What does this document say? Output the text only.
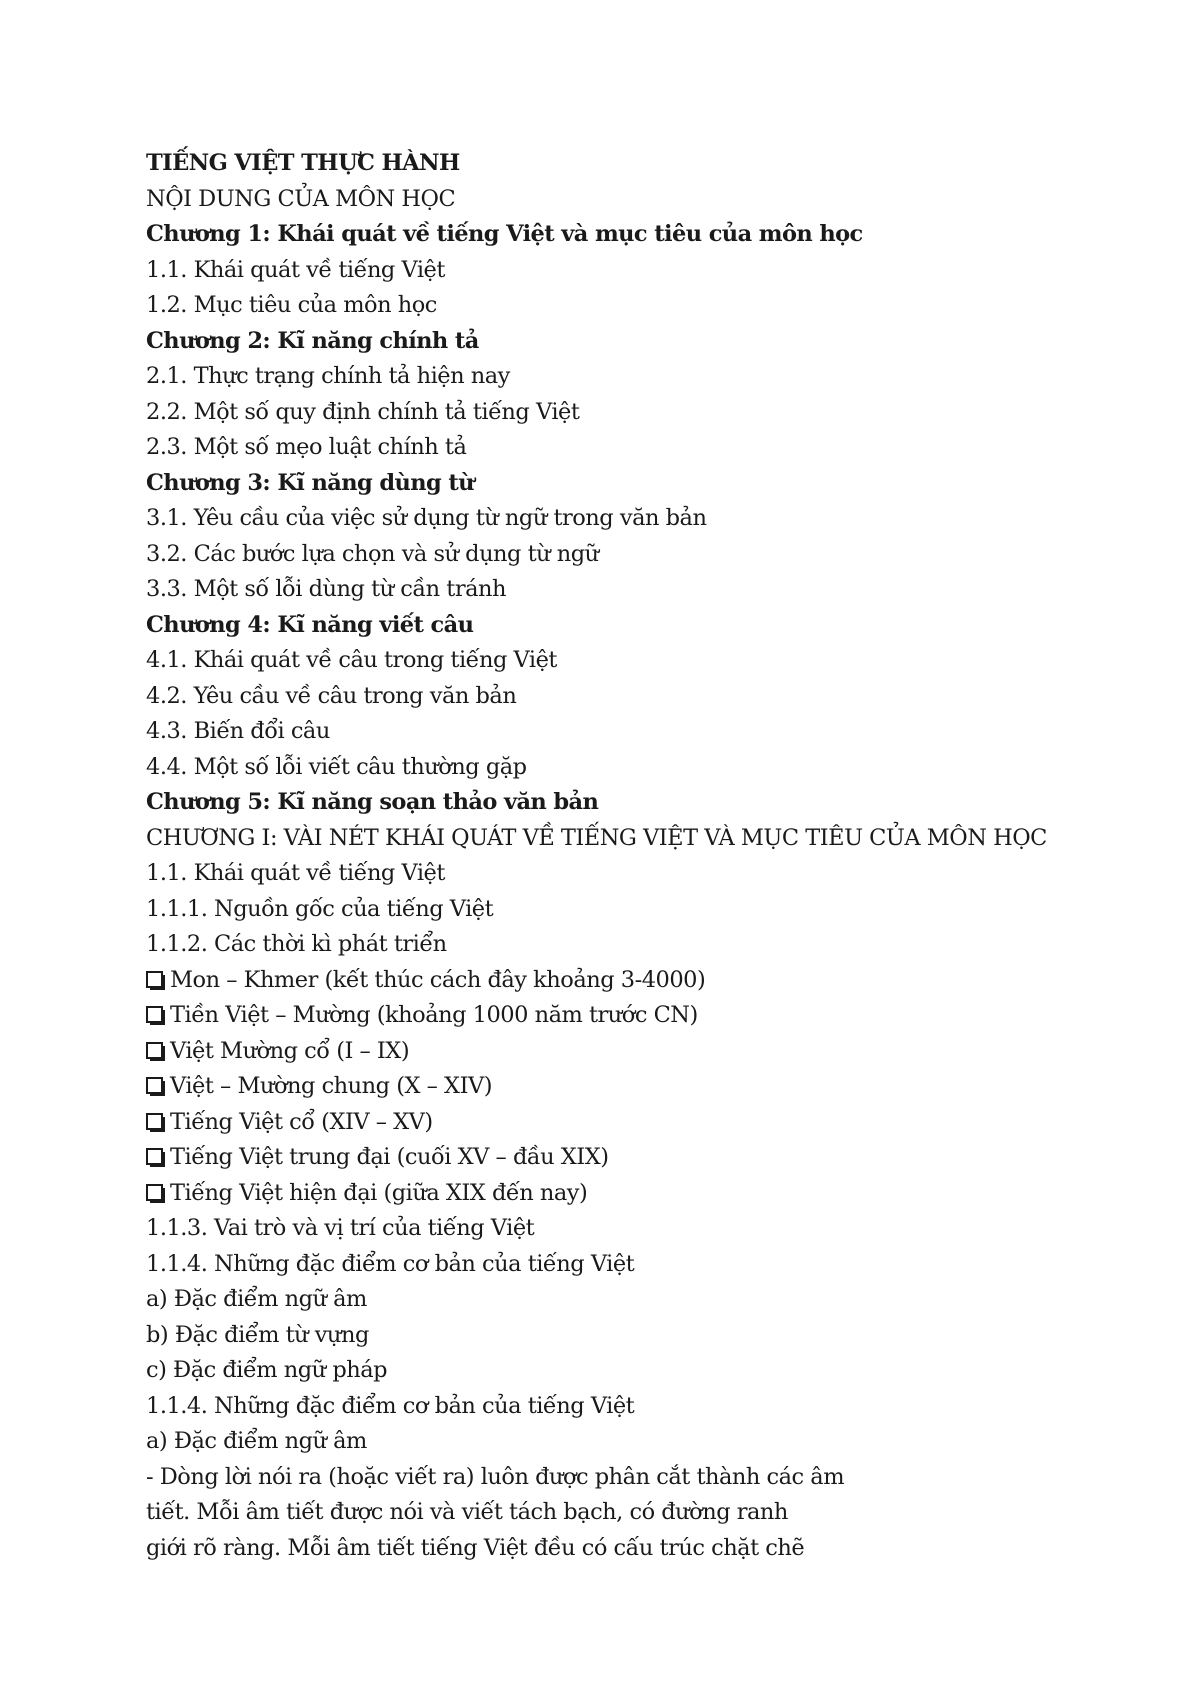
TIẾNG VIỆT THỰC HÀNH
NỘI DUNG CỦA MÔN HỌC
Chương 1: Khái quát về tiếng Việt và mục tiêu của môn học
1.1. Khái quát về tiếng Việt
1.2. Mục tiêu của môn học
Chương 2: Kĩ năng chính tả
2.1. Thực trạng chính tả hiện nay
2.2. Một số quy định chính tả tiếng Việt
2.3. Một số mẹo luật chính tả
Chương 3: Kĩ năng dùng từ
3.1. Yêu cầu của việc sử dụng từ ngữ trong văn bản
3.2. Các bước lựa chọn và sử dụng từ ngữ
3.3. Một số lỗi dùng từ cần tránh
Chương 4: Kĩ năng viết câu
4.1. Khái quát về câu trong tiếng Việt
4.2. Yêu cầu về câu trong văn bản
4.3. Biến đổi câu
4.4. Một số lỗi viết câu thường gặp
Chương 5: Kĩ năng soạn thảo văn bản
CHƯƠNG I: VÀI NÉT KHÁI QUÁT VỀ TIẾNG VIỆT VÀ MỤC TIÊU CỦA MÔN HỌC
1.1. Khái quát về tiếng Việt
1.1.1. Nguồn gốc của tiếng Việt
1.1.2. Các thời kì phát triển
Mon – Khmer (kết thúc cách đây khoảng 3-4000)
Tiền Việt – Mường (khoảng 1000 năm trước CN)
Việt Mường cổ (I – IX)
Việt – Mường chung (X – XIV)
Tiếng Việt cổ (XIV – XV)
Tiếng Việt trung đại (cuối XV – đầu XIX)
Tiếng Việt hiện đại (giữa XIX đến nay)
1.1.3. Vai trò và vị trí của tiếng Việt
1.1.4. Những đặc điểm cơ bản của tiếng Việt
a) Đặc điểm ngữ âm
b) Đặc điểm từ vựng
c) Đặc điểm ngữ pháp
1.1.4. Những đặc điểm cơ bản của tiếng Việt
a) Đặc điểm ngữ âm
- Dòng lời nói ra (hoặc viết ra) luôn được phân cắt thành các âm
tiết. Mỗi âm tiết được nói và viết tách bạch, có đường ranh
giới rõ ràng. Mỗi âm tiết tiếng Việt đều có cấu trúc chặt chẽ
